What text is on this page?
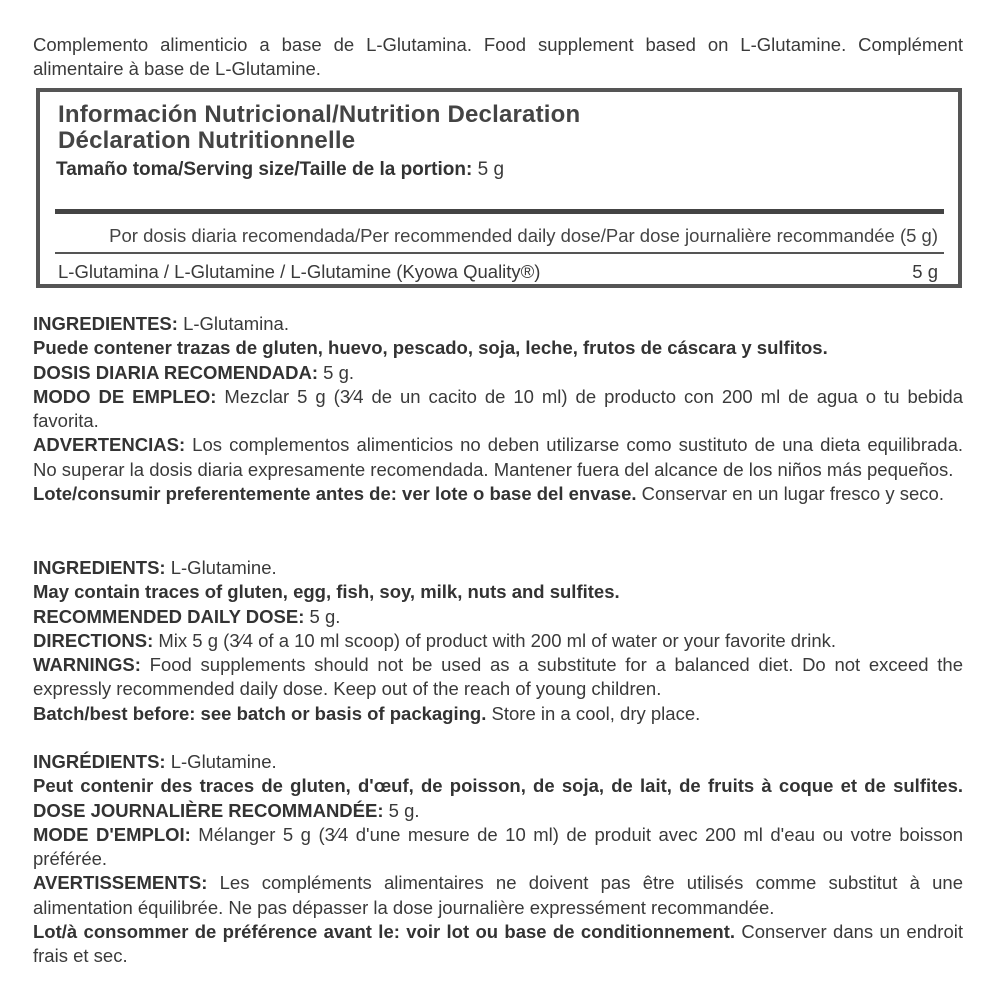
Complemento alimenticio a base de L-Glutamina. Food supplement based on L-Glutamine. Complément alimentaire à base de L-Glutamine.
Información Nutricional/Nutrition Declaration
Déclaration Nutritionnelle
Tamaño toma/Serving size/Taille de la portion: 5 g
Por dosis diaria recomendada/Per recommended daily dose/Par dose journalière recommandée (5 g)
L-Glutamina / L-Glutamine / L-Glutamine (Kyowa Quality®)	5 g

INGREDIENTES: L-Glutamina.

Puede contener trazas de gluten, huevo, pescado, soja, leche, frutos de cáscara y sulfitos.

DOSIS DIARIA RECOMENDADA: 5 g.

MODO DE EMPLEO: Mezclar 5 g (3⁄4 de un cacito de 10 ml) de producto con 200 ml de agua o tu bebida favorita.

ADVERTENCIAS: Los complementos alimenticios no deben utilizarse como sustituto de una dieta equilibrada. No superar la dosis diaria expresamente recomendada. Mantener fuera del alcance de los niños más pequeños.

Lote/consumir preferentemente antes de: ver lote o base del envase. Conservar en un lugar fresco y seco.

INGREDIENTS: L-Glutamine.

May contain traces of gluten, egg, fish, soy, milk, nuts and sulfites.

RECOMMENDED DAILY DOSE: 5 g.

DIRECTIONS: Mix 5 g (3⁄4 of a 10 ml scoop) of product with 200 ml of water or your favorite drink.

WARNINGS: Food supplements should not be used as a substitute for a balanced diet. Do not exceed the expressly recommended daily dose. Keep out of the reach of young children.

Batch/best before: see batch or basis of packaging. Store in a cool, dry place.

INGRÉDIENTS: L-Glutamine.

Peut contenir des traces de gluten, d'œuf, de poisson, de soja, de lait, de fruits à coque et de sulfites. DOSE JOURNALIÈRE RECOMMANDÉE: 5 g.

MODE D'EMPLOI: Mélanger 5 g (3⁄4 d'une mesure de 10 ml) de produit avec 200 ml d'eau ou votre boisson préférée.

AVERTISSEMENTS: Les compléments alimentaires ne doivent pas être utilisés comme substitut à une alimentation équilibrée. Ne pas dépasser la dose journalière expressément recommandée.

Lot/à consommer de préférence avant le: voir lot ou base de conditionnement. Conserver dans un endroit frais et sec.
